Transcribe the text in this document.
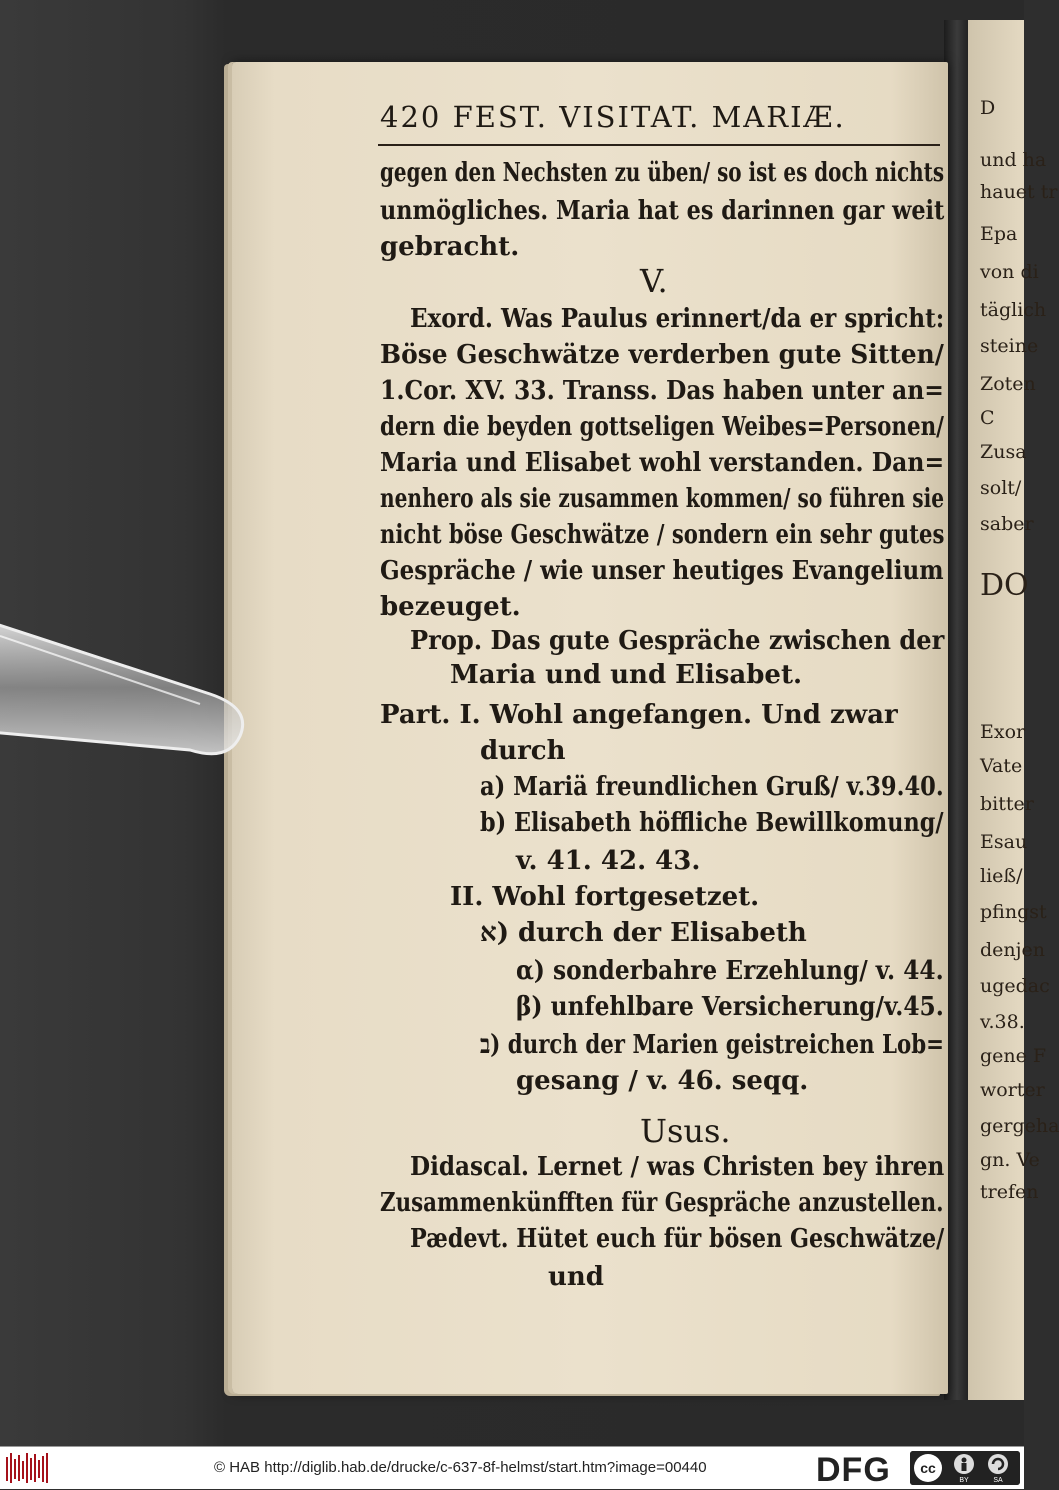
D
und ha
hauet tr
Epa
von di
täglich
steine
Zoten
C
Zusa
solt/
saber
DO
Exor
Vate
bitter
Esau
ließ/
pfingst
denjen
ugedac
v.38.
gene F
worter
gergeha
gn. Ve
trefen
420 FEST. VISITAT. MARIÆ.
gegen den Nechsten zu üben/ so ist es doch nichts
unmögliches. Maria hat es darinnen gar weit
gebracht.
V.
Exord. Was Paulus erinnert/da er spricht:
Böse Geschwätze verderben gute Sitten/
1.Cor. XV. 33. Transs. Das haben unter an=
dern die beyden gottseligen Weibes=Personen/
Maria und Elisabet wohl verstanden. Dan=
nenhero als sie zusammen kommen/ so führen sie
nicht böse Geschwätze / sondern ein sehr gutes
Gespräche / wie unser heutiges Evangelium
bezeuget.
Prop. Das gute Gespräche zwischen der
Maria und und Elisabet.
Part. I. Wohl angefangen. Und zwar
durch
a) Mariä freundlichen Gruß/ v.39.40.
b) Elisabeth höffliche Bewillkomung/
v. 41. 42. 43.
II. Wohl fortgesetzet.
א) durch der Elisabeth
α) sonderbahre Erzehlung/ v. 44.
β) unfehlbare Versicherung/v.45.
ב) durch der Marien geistreichen Lob=
gesang / v. 46. seqq.
Usus.
Didascal. Lernet / was Christen bey ihren
Zusammenkünfften für Gespräche anzustellen.
Pædevt. Hütet euch für bösen Geschwätze/
und
© HAB http://diglib.hab.de/drucke/c-637-8f-helmst/start.htm?image=00440	DFG cc
BY	SA
